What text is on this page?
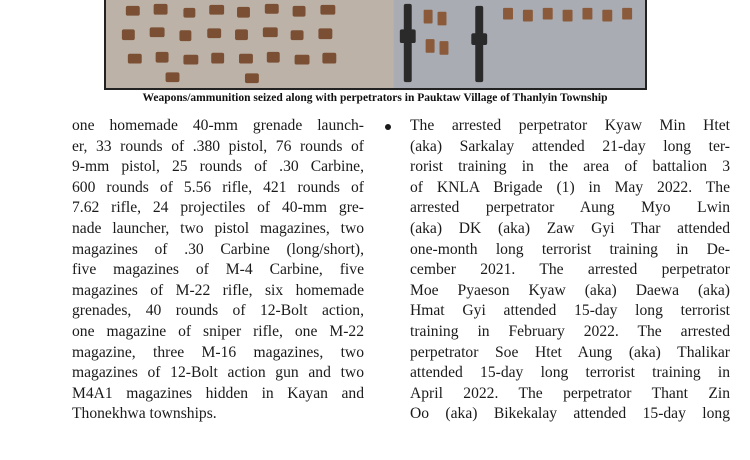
Weapons/ammunition seized along with perpetrators in Pauktaw Village of Thanlyin Township
one homemade 40-mm grenade launch-
er, 33 rounds of .380 pistol, 76 rounds of
9-mm pistol, 25 rounds of .30 Carbine,
600 rounds of 5.56 rifle, 421 rounds of
7.62 rifle, 24 projectiles of 40-mm gre-
nade launcher, two pistol magazines, two
magazines of .30 Carbine (long/short),
five magazines of M-4 Carbine, five
magazines of M-22 rifle, six homemade
grenades, 40 rounds of 12-Bolt action,
one magazine of sniper rifle, one M-22
magazine, three M-16 magazines, two
magazines of 12-Bolt action gun and two
M4A1 magazines hidden in Kayan and
Thonekhwa townships.
The arrested perpetrator Kyaw Min Htet
(aka) Sarkalay attended 21-day long ter-
rorist training in the area of battalion 3
of KNLA Brigade (1) in May 2022. The
arrested perpetrator Aung Myo Lwin
(aka) DK (aka) Zaw Gyi Thar attended
one-month long terrorist training in De-
cember 2021. The arrested perpetrator
Moe Pyaeson Kyaw (aka) Daewa (aka)
Hmat Gyi attended 15-day long terrorist
training in February 2022. The arrested
perpetrator Soe Htet Aung (aka) Thalikar
attended 15-day long terrorist training in
April 2022. The perpetrator Thant Zin
Oo (aka) Bikekalay attended 15-day long
